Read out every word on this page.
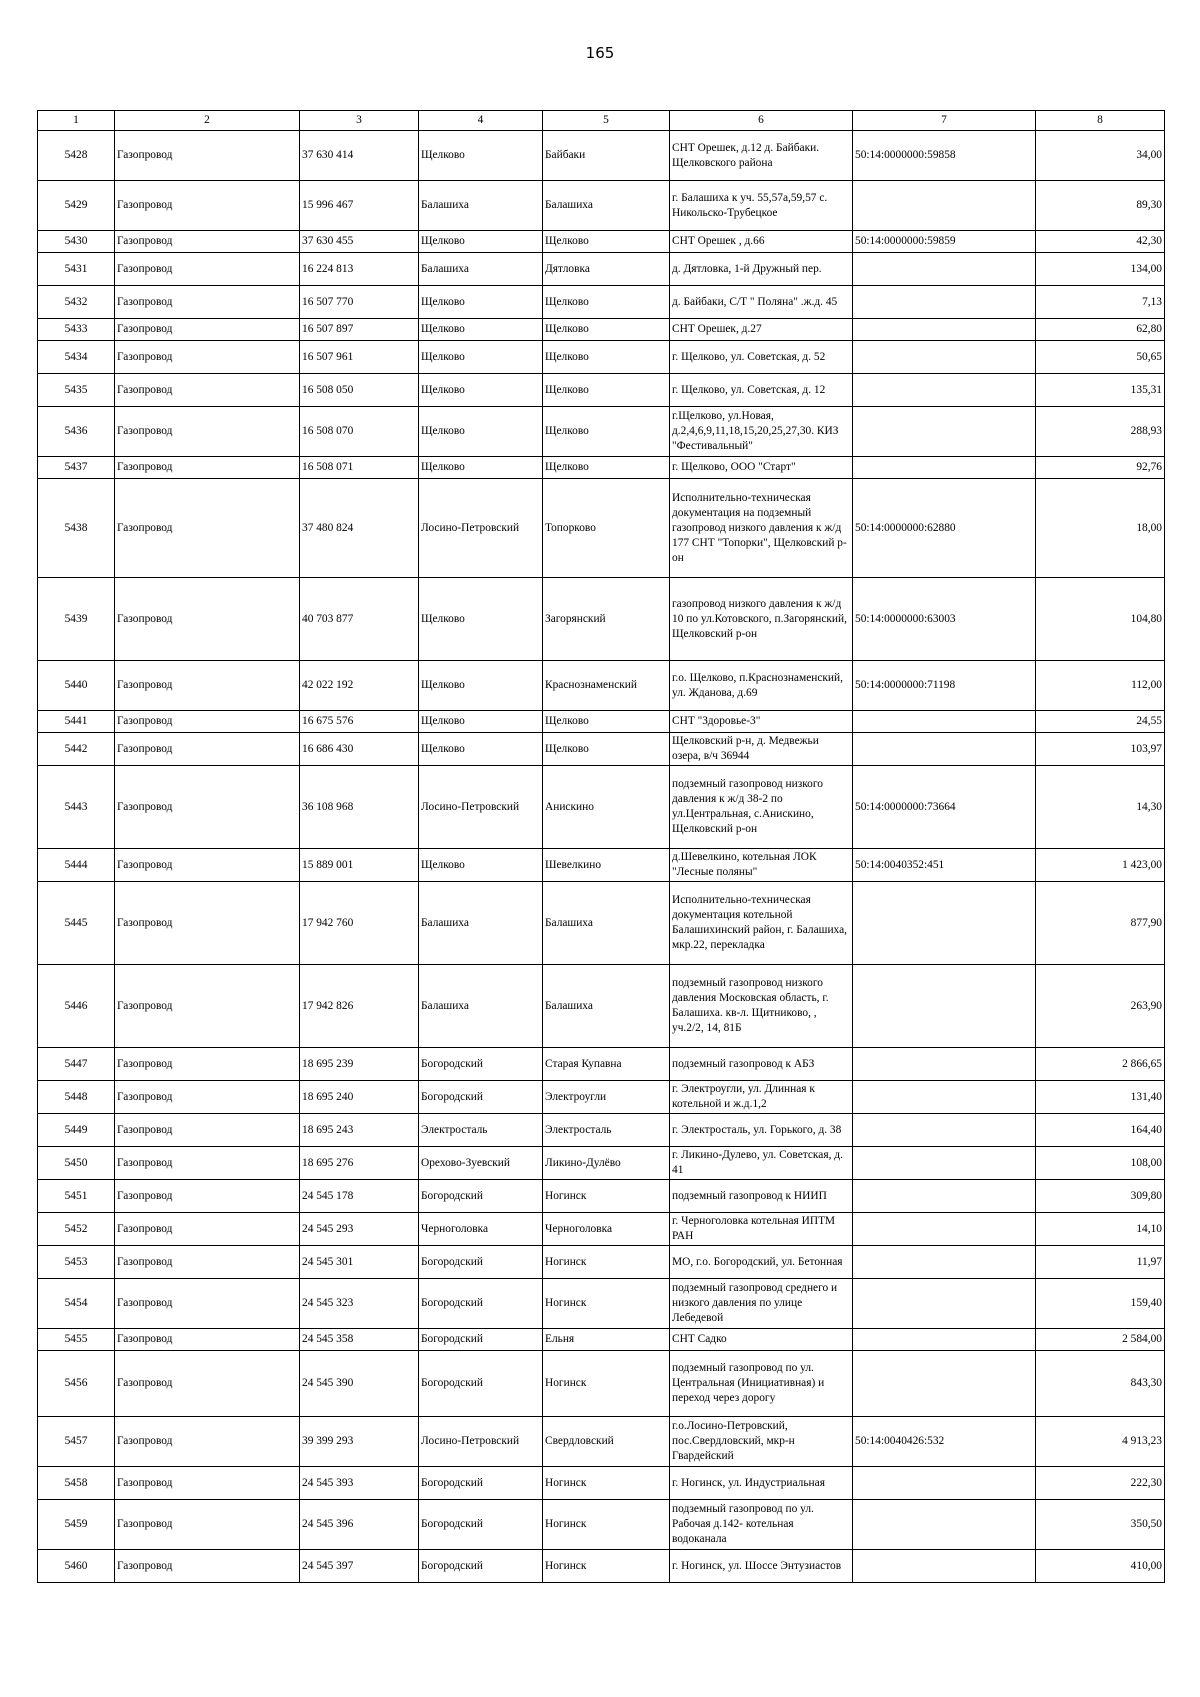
165
1	2	3	4	5	6	7	8
5428	Газопровод	37 630 414	Щелково	Байбаки	СНТ Орешек, д.12 д. Байбаки. Щелковского района	50:14:0000000:59858	34,00
5429	Газопровод	15 996 467	Балашиха	Балашиха	г. Балашиха к уч. 55,57а,59,57 с. Никольско-Трубецкое		89,30
5430	Газопровод	37 630 455	Щелково	Щелково	СНТ Орешек , д.66	50:14:0000000:59859	42,30
5431	Газопровод	16 224 813	Балашиха	Дятловка	д. Дятловка, 1-й Дружный пер.		134,00
5432	Газопровод	16 507 770	Щелково	Щелково	д. Байбаки, С/Т " Поляна" .ж.д. 45		7,13
5433	Газопровод	16 507 897	Щелково	Щелково	СНТ Орешек, д.27		62,80
5434	Газопровод	16 507 961	Щелково	Щелково	г. Щелково, ул. Советская, д. 52		50,65
5435	Газопровод	16 508 050	Щелково	Щелково	г. Щелково, ул. Советская, д. 12		135,31
5436	Газопровод	16 508 070	Щелково	Щелково	г.Щелково, ул.Новая, д.2,4,6,9,11,18,15,20,25,27,30. КИЗ "Фестивальный"		288,93
5437	Газопровод	16 508 071	Щелково	Щелково	г. Щелково, ООО "Старт"		92,76
5438	Газопровод	37 480 824	Лосино-Петровский	Топорково	Исполнительно-техническая документация на подземный газопровод низкого давления к ж/д 177 СНТ "Топорки", Щелковский р-он	50:14:0000000:62880	18,00
5439	Газопровод	40 703 877	Щелково	Загорянский	газопровод низкого давления к ж/д 10 по ул.Котовского, п.Загорянский, Щелковский р-он	50:14:0000000:63003	104,80
5440	Газопровод	42 022 192	Щелково	Краснознаменский	г.о. Щелково, п.Краснознаменский, ул. Жданова, д.69	50:14:0000000:71198	112,00
5441	Газопровод	16 675 576	Щелково	Щелково	СНТ "Здоровье-3"		24,55
5442	Газопровод	16 686 430	Щелково	Щелково	Щелковский р-н, д. Медвежьи озера, в/ч 36944		103,97
5443	Газопровод	36 108 968	Лосино-Петровский	Анискино	подземный газопровод низкого давления к ж/д 38-2 по ул.Центральная, с.Анискино, Щелковский р-он	50:14:0000000:73664	14,30
5444	Газопровод	15 889 001	Щелково	Шевелкино	д.Шевелкино, котельная ЛОК "Лесные поляны"	50:14:0040352:451	1 423,00
5445	Газопровод	17 942 760	Балашиха	Балашиха	Исполнительно-техническая документация котельной Балашихинский район, г. Балашиха, мкр.22, перекладка		877,90
5446	Газопровод	17 942 826	Балашиха	Балашиха	подземный газопровод низкого давления Московская область, г. Балашиха. кв-л. Щитниково, , уч.2/2, 14, 81Б		263,90
5447	Газопровод	18 695 239	Богородский	Старая Купавна	подземный газопровод к АБЗ		2 866,65
5448	Газопровод	18 695 240	Богородский	Электроугли	г. Электроугли, ул. Длинная к котельной и ж.д.1,2		131,40
5449	Газопровод	18 695 243	Электросталь	Электросталь	г. Электросталь, ул. Горького, д. 38		164,40
5450	Газопровод	18 695 276	Орехово-Зуевский	Ликино-Дулёво	г. Ликино-Дулево, ул. Советская, д. 41		108,00
5451	Газопровод	24 545 178	Богородский	Ногинск	подземный газопровод к НИИП		309,80
5452	Газопровод	24 545 293	Черноголовка	Черноголовка	г. Черноголовка котельная ИПТМ РАН		14,10
5453	Газопровод	24 545 301	Богородский	Ногинск	МО, г.о. Богородский, ул. Бетонная		11,97
5454	Газопровод	24 545 323	Богородский	Ногинск	подземный газопровод среднего и низкого давления по улице Лебедевой		159,40
5455	Газопровод	24 545 358	Богородский	Ельня	СНТ Садко		2 584,00
5456	Газопровод	24 545 390	Богородский	Ногинск	подземный газопровод по ул. Центральная (Инициативная) и переход через дорогу		843,30
5457	Газопровод	39 399 293	Лосино-Петровский	Свердловский	г.о.Лосино-Петровский, пос.Свердловский, мкр-н Гвардейский	50:14:0040426:532	4 913,23
5458	Газопровод	24 545 393	Богородский	Ногинск	г. Ногинск, ул. Индустриальная		222,30
5459	Газопровод	24 545 396	Богородский	Ногинск	подземный газопровод по ул. Рабочая д.142- котельная водоканала		350,50
5460	Газопровод	24 545 397	Богородский	Ногинск	г. Ногинск, ул. Шоссе Энтузиастов		410,00
